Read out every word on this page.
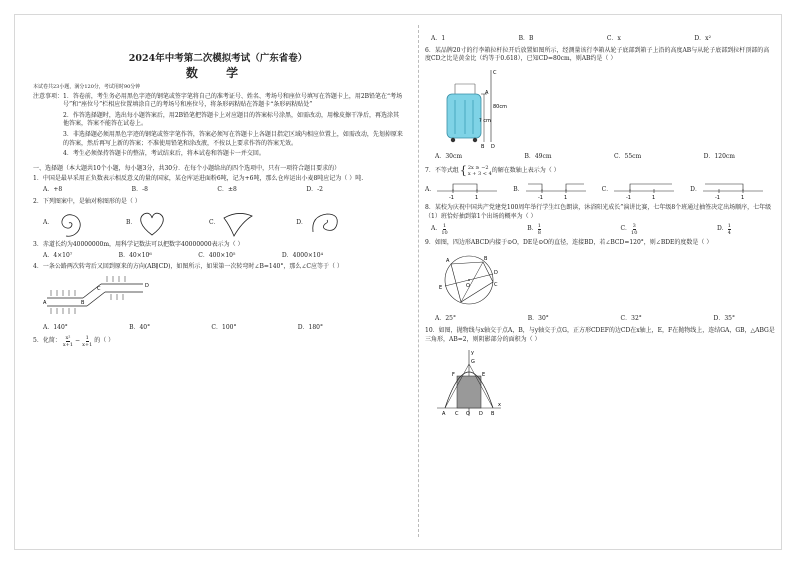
2024年中考第二次模拟考试（广东省卷）
数 学
本试卷共23小题，满分120分，考试用时90分钟
注意事项： 1．答卷前，考生务必用黑色字迹的钢笔或签字笔将自己的准考证号、姓名、考场号和座位号填写在答题卡上，用2B铅笔在“考场号”和“座位号”栏相应位置填涂自己的考场号和座位号，将条形码粘贴在答题卡“条形码粘贴处”
2．作答选择题时，选出每小题答案后，用2B铅笔把答题卡上对应题目的答案标号涂黑，如需改动，用橡皮擦干净后，再选涂其他答案，答案不能答在试卷上。
3．非选择题必须用黑色字迹的钢笔或签字笔作答，答案必须写在答题卡上各题目指定区域内相应位置上，如需改动，先划掉原来的答案，然后再写上新的答案；不准使用铅笔和涂改液，不按以上要求作答的答案无效。
4．考生必须保持答题卡的整洁，考试结束后，将本试卷和答题卡一并交回。
一、选择题（本大题共10个小题，每小题3分，共30分．在每个小题给出的四个选项中，只有一项符合题目要求的）
1．中国是最早采用正负数表示相反意义的量的国家，某仓库运进面粉6吨，记为+6吨，那么仓库运出小麦8吨应记为（ ）吨.
A．+8	B．-8	C．±8	D．-2
2．下列图案中，是轴对称图形的是（ ）
A．	B．	C．	D．
3．赤道长约为40000000m，用科学记数法可以把数字40000000表示为（ ）
A．4×10⁷	B．40×10⁶	C．400×10⁵	D．4000×10⁴
4．一条公路两次转弯后又回到原来的方向(AB∥CD)，如图所示，如果第一次转弯时∠B=140°，那么∠C应等于（ ）
A	B
C	D
A．140°	B．40°	C．100°	D．180°
5．化简： $\frac{\text{x²}}{x+1} - \frac{1}{x+1}$ 的（ ）
A．1	B．B	C．x	D．x²
6．某品牌20寸的行李箱拉杆拉开后放置如图所示，经测量该行李箱从轮子底部到箱子上沿的高度AB与从轮子底部到拉杆顶部的高度CD之比是黄金比（约等于0.618），已知CD=80cm，则AB约是（ ）
C
80cm
A
? cm
B D
A．30cm	B．49cm	C．55cm	D．120cm
7．不等式组 { 2x ≥ −2
x + 3 < 4
的解在数轴上表示为（ ）
A．
-1	1
B．
-1	1
C．
-1	1
D．
-1	1
8．某校为庆祝中国共产党建党100周年举行学生红色朗读，沐浴阳光成长”演讲比赛，七年级8个班通过抽签决定出场顺序，七年级（1）班恰好抽到第1个出场的概率为（ ）
A． $\frac{1}{10}$	B． $\frac{1}{8}$	C． $\frac{3}{10}$	D． $\frac{1}{4}$
9．如图，四边形ABCD内接于⊙O，DE是⊙O的直径，连接BD，若∠BCD=120°，则∠BDE的度数是（ ）
A	B
C
D
E	O
A．25°	B．30°	C．32°	D．35°
10．如图，抛物线与x轴交于点A，B，与y轴交于点G，正方形CDEF的边CD在x轴上，E，F在抛物线上，连结GA，GB，△ABG是三角形，AB=2，则阴影部分的面积为（ ）
y
x
G
E
F
A C O D B
